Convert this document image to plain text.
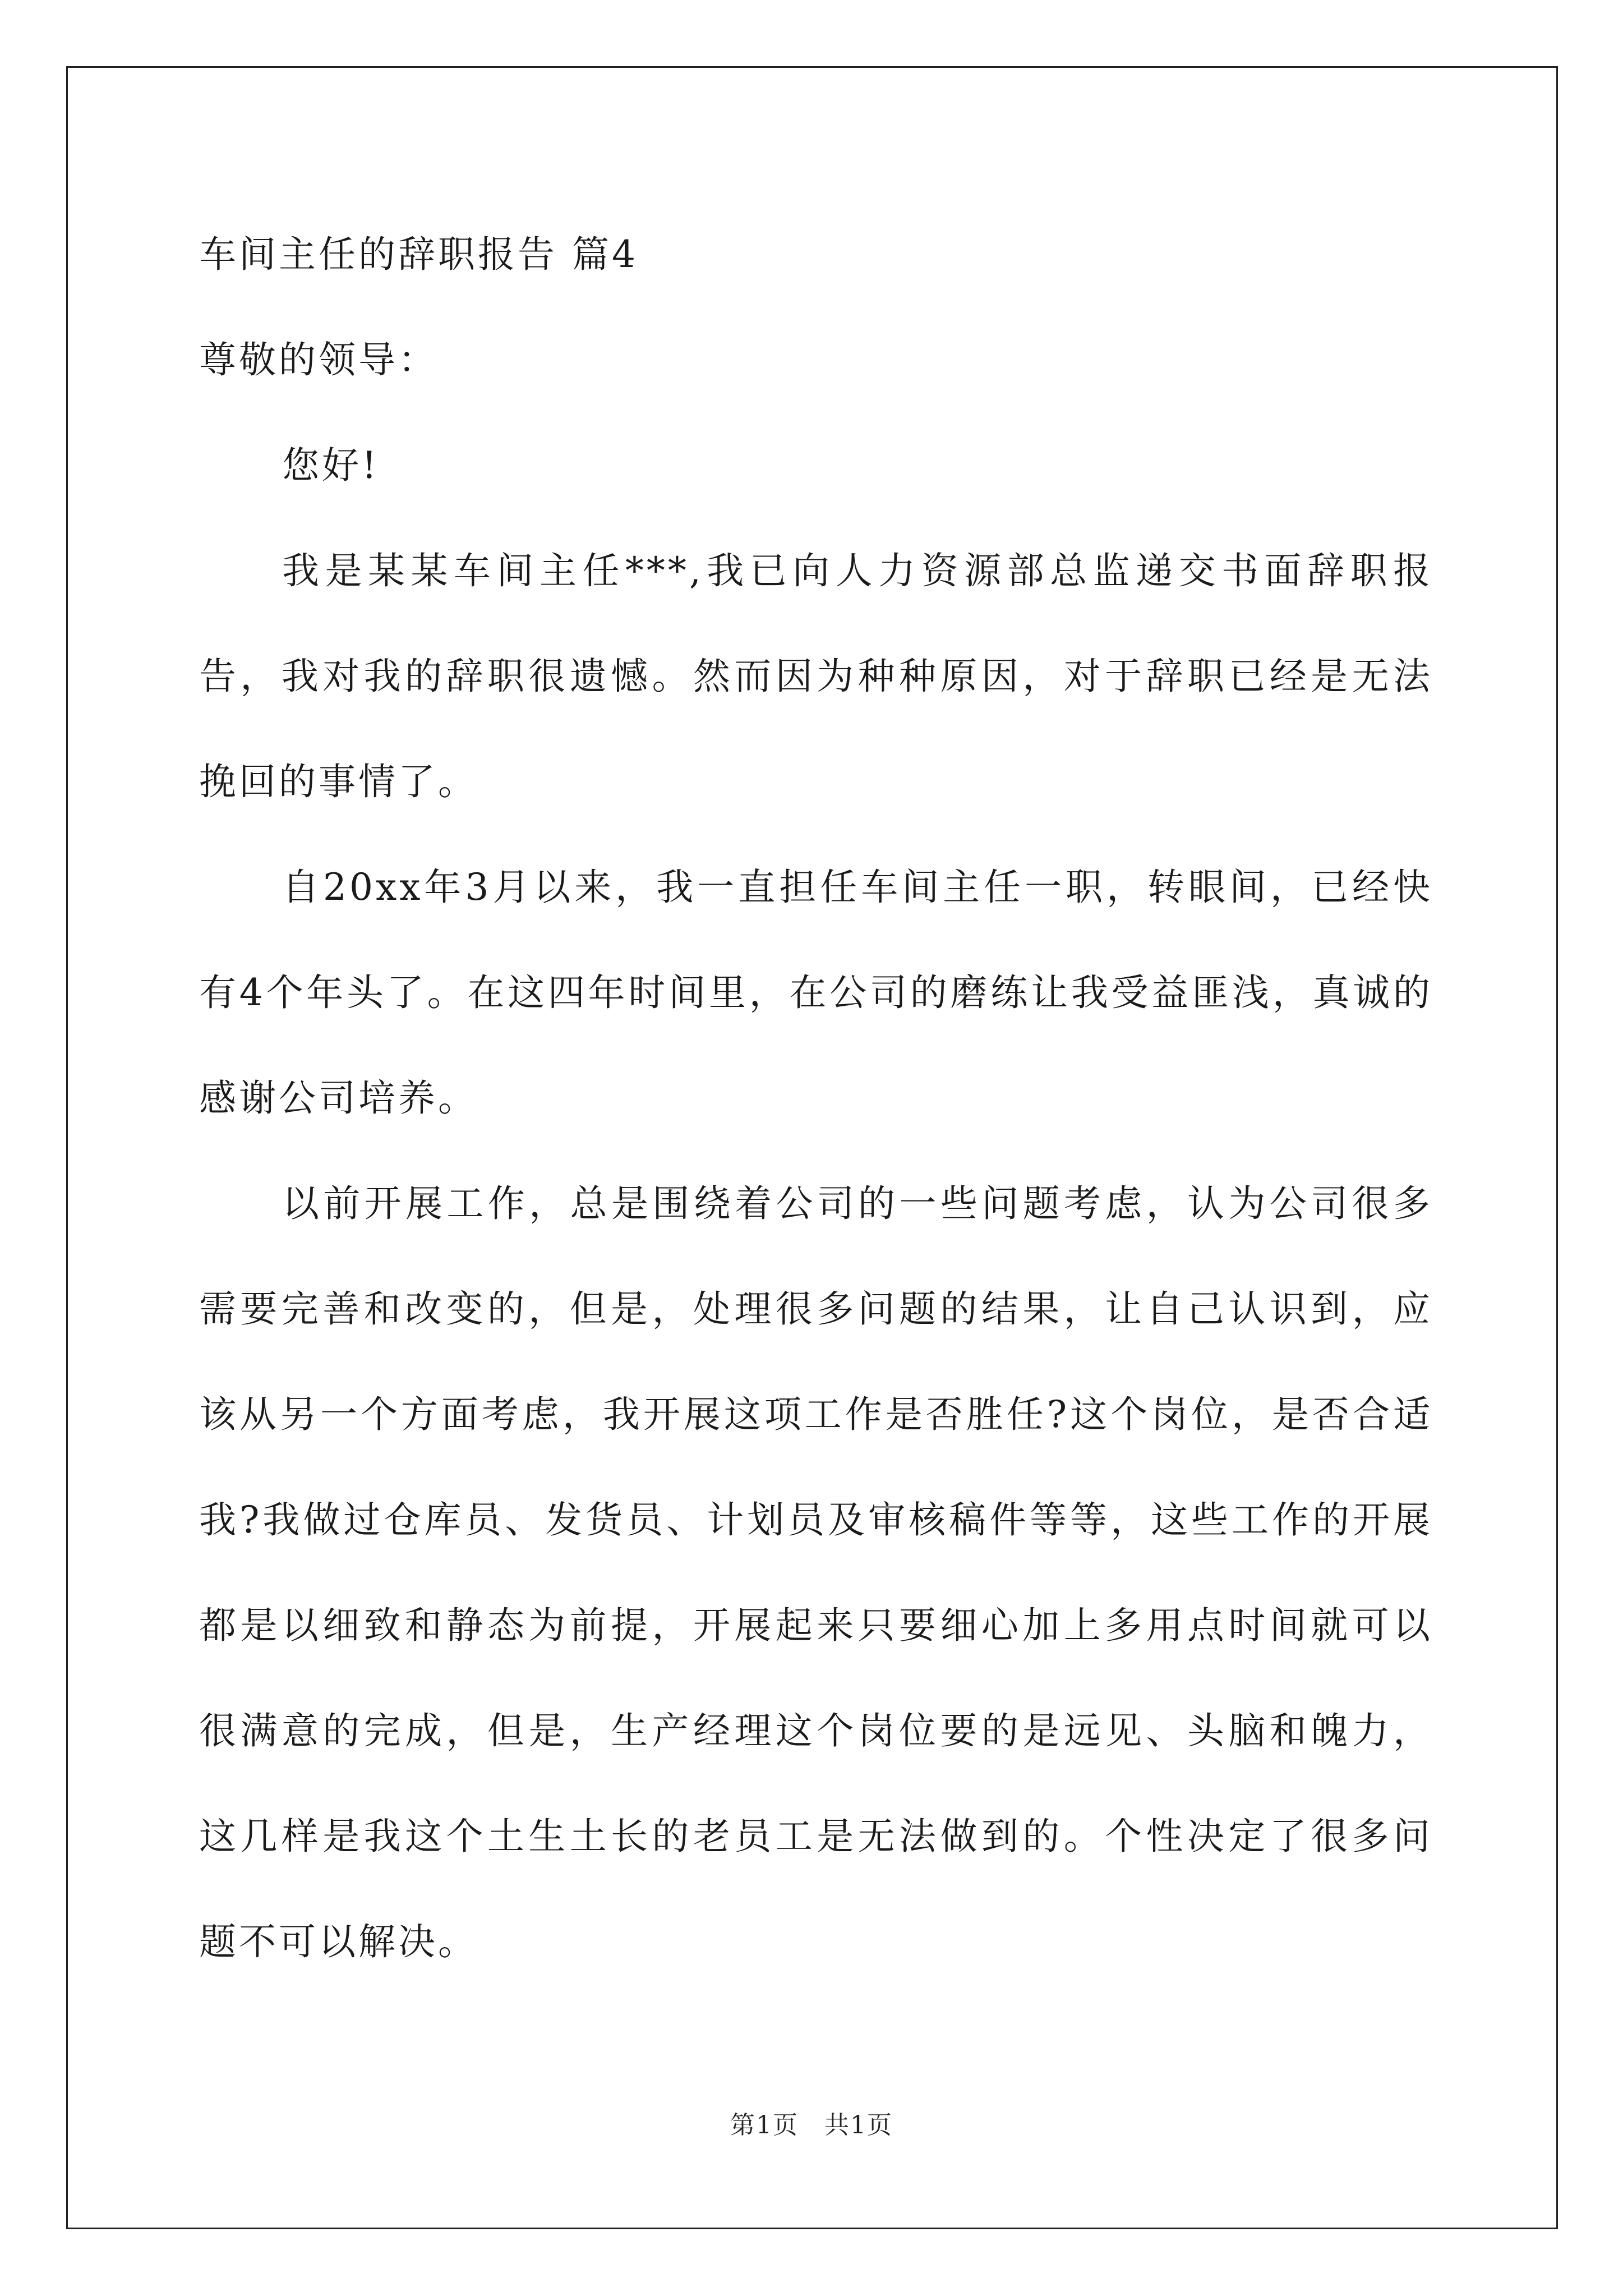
车间主任的辞职报告 篇4
尊敬的领导：

您好!

我是某某车间主任***,我已向人力资源部总监递交书面辞职报告，我对我的辞职很遗憾。然而因为种种原因，对于辞职已经是无法挽回的事情了。

自20xx年3月以来，我一直担任车间主任一职，转眼间，已经快有4个年头了。在这四年时间里，在公司的磨练让我受益匪浅，真诚的感谢公司培养。

以前开展工作，总是围绕着公司的一些问题考虑，认为公司很多需要完善和改变的，但是，处理很多问题的结果，让自己认识到，应该从另一个方面考虑，我开展这项工作是否胜任?这个岗位，是否合适我?我做过仓库员、发货员、计划员及审核稿件等等，这些工作的开展都是以细致和静态为前提，开展起来只要细心加上多用点时间就可以很满意的完成，但是，生产经理这个岗位要的是远见、头脑和魄力，这几样是我这个土生土长的老员工是无法做到的。个性决定了很多问题不可以解决。

第1页　共1页
